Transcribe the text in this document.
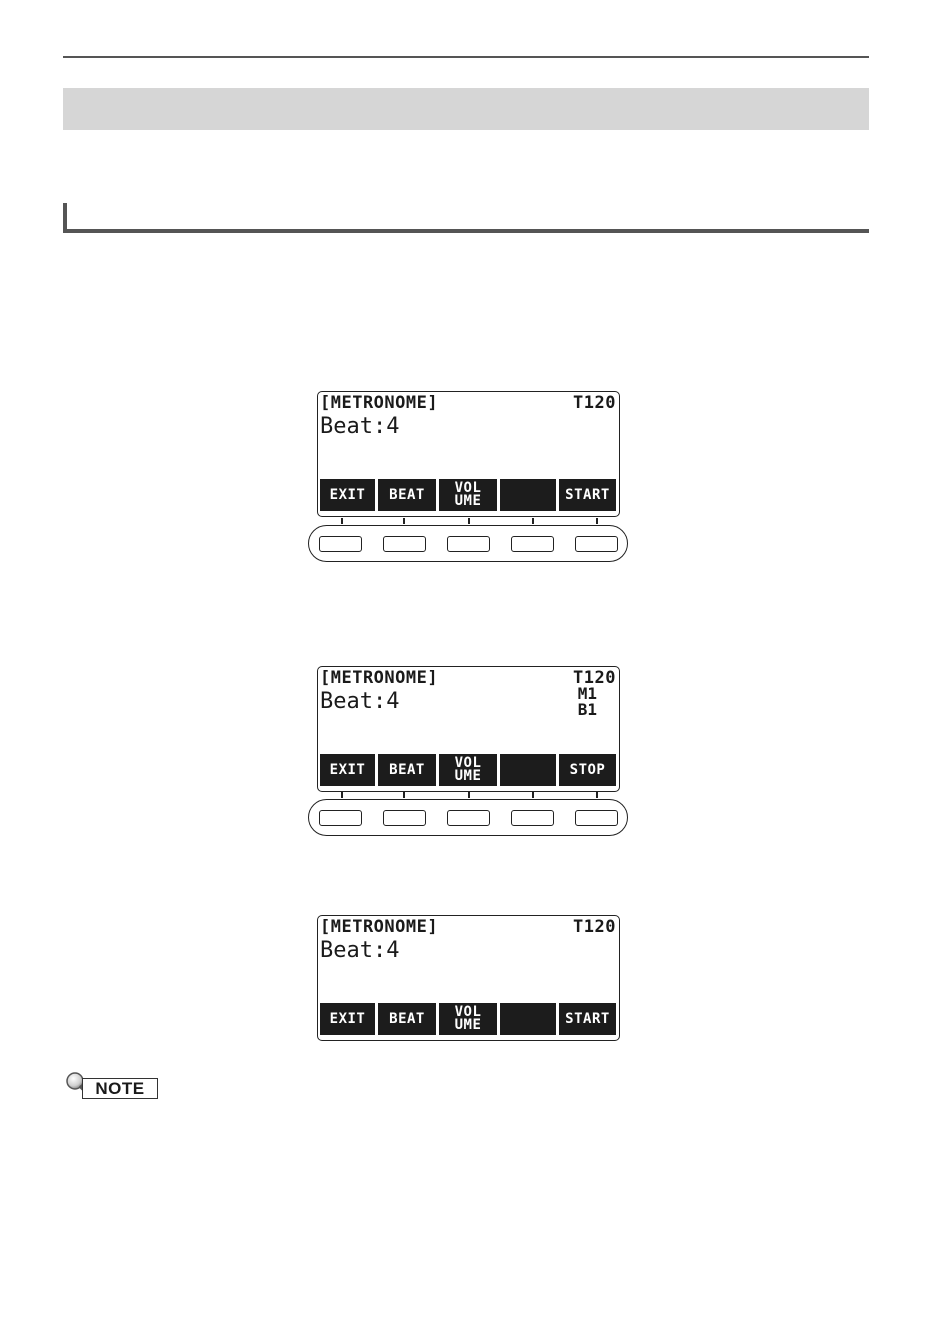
[METRONOME]	T120
Beat:4
EXIT	BEAT	VOL
UME	START
[METRONOME]	T120
M1
B1
Beat:4
EXIT	BEAT	VOL
UME	STOP
[METRONOME]	T120
Beat:4
EXIT	BEAT	VOL
UME	START
NOTE
